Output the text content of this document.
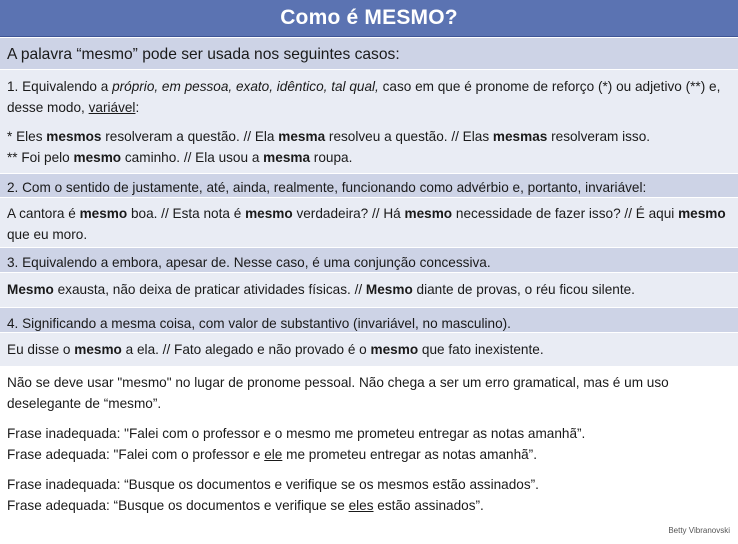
Como é MESMO?
A palavra “mesmo” pode ser usada nos seguintes casos:

1. Equivalendo a próprio, em pessoa, exato, idêntico, tal qual, caso em que é pronome de reforço (*) ou adjetivo (**) e, desse modo, variável:

* Eles mesmos resolveram a questão. // Ela mesma resolveu a questão. // Elas mesmas resolveram isso.

** Foi pelo mesmo caminho. // Ela usou a mesma roupa.

2. Com o sentido de justamente, até, ainda, realmente, funcionando como advérbio e, portanto, invariável:

A cantora é mesmo boa. // Esta nota é mesmo verdadeira? // Há mesmo necessidade de fazer isso? // É aqui mesmo que eu moro.

3. Equivalendo a embora, apesar de. Nesse caso, é uma conjunção concessiva.

Mesmo exausta, não deixa de praticar atividades físicas. // Mesmo diante de provas, o réu ficou silente.

4. Significando a mesma coisa, com valor de substantivo (invariável, no masculino).

Eu disse o mesmo a ela. // Fato alegado e não provado é o mesmo que fato inexistente.

Não se deve usar "mesmo" no lugar de pronome pessoal. Não chega a ser um erro gramatical, mas é um uso deselegante de “mesmo”.

Frase inadequada: "Falei com o professor e o mesmo me prometeu entregar as notas amanhã”.

Frase adequada: "Falei com o professor e ele me prometeu entregar as notas amanhã”.

Frase inadequada: “Busque os documentos e verifique se os mesmos estão assinados”.

Frase adequada: “Busque os documentos e verifique se eles estão assinados”.

Betty Vibranovski
